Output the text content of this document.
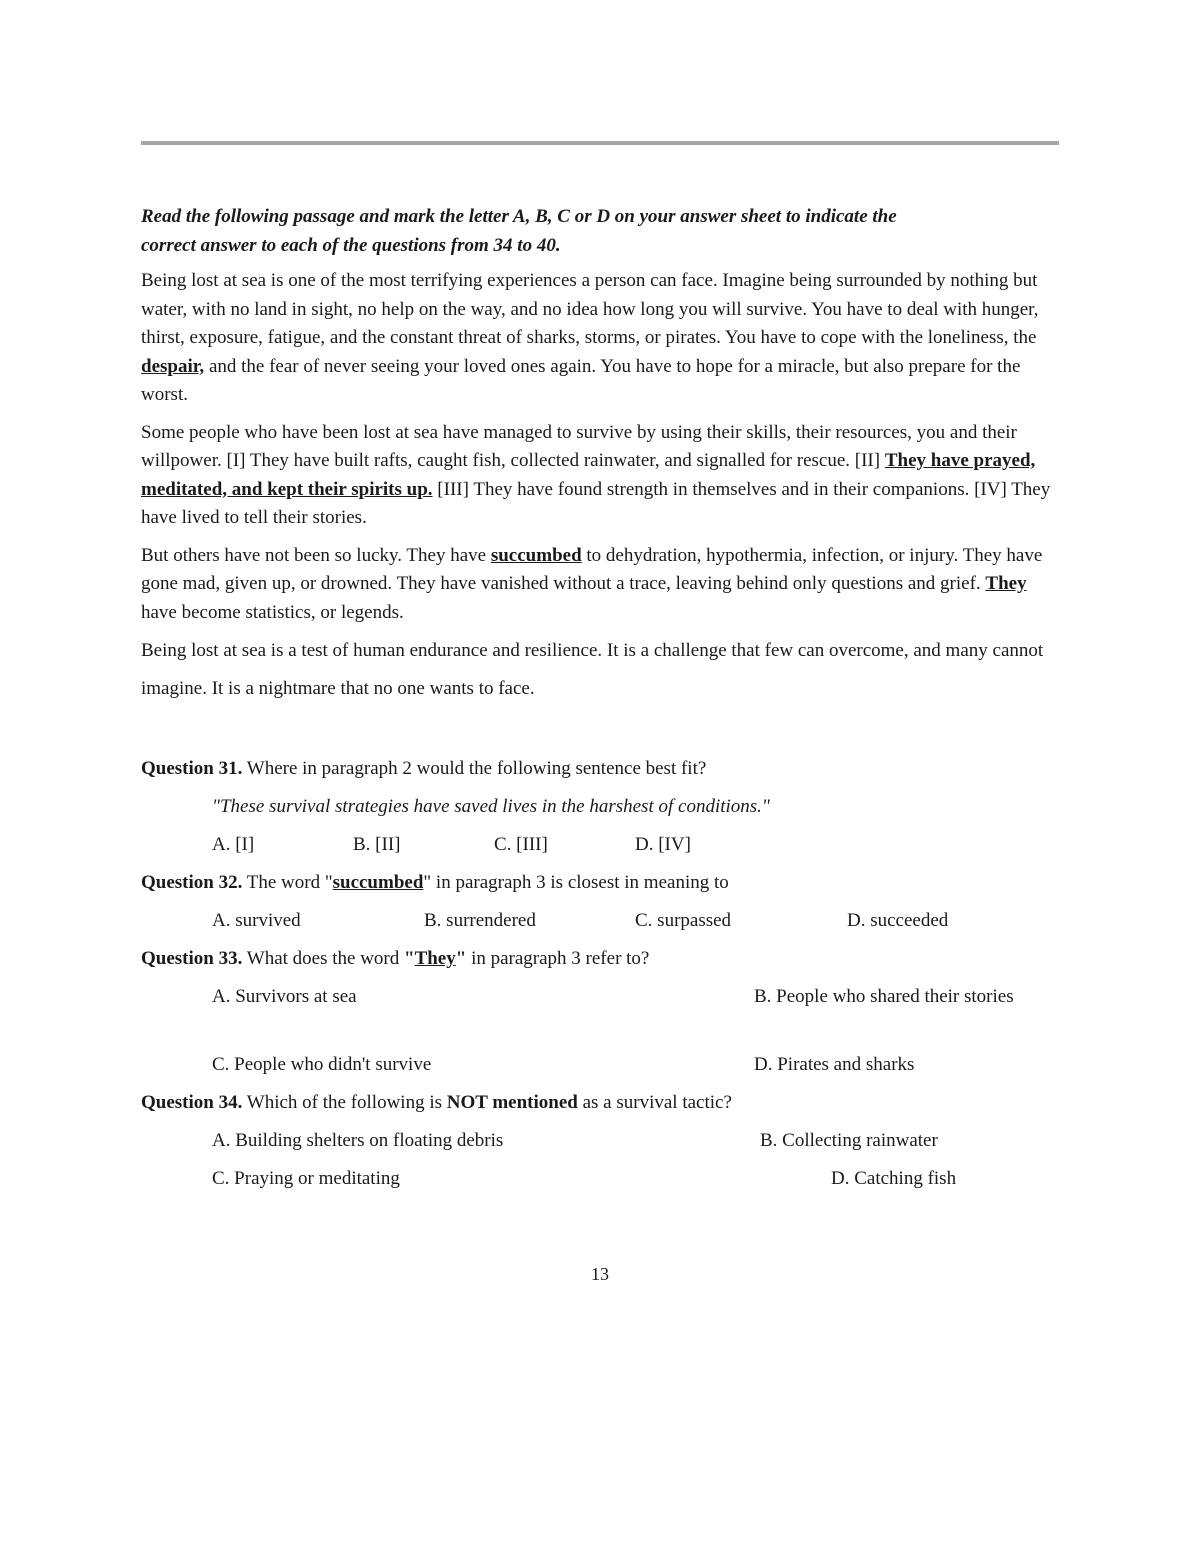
Read the following passage and mark the letter A, B, C or D on your answer sheet to indicate the
correct answer to each of the questions from 34 to 40.

Being lost at sea is one of the most terrifying experiences a person can face. Imagine being surrounded by nothing but water, with no land in sight, no help on the way, and no idea how long you will survive. You have to deal with hunger, thirst, exposure, fatigue, and the constant threat of sharks, storms, or pirates. You have to cope with the loneliness, the despair, and the fear of never seeing your loved ones again. You have to hope for a miracle, but also prepare for the worst.

Some people who have been lost at sea have managed to survive by using their skills, their resources, you and their willpower. [I] They have built rafts, caught fish, collected rainwater, and signalled for rescue. [II] They have prayed, meditated, and kept their spirits up. [III] They have found strength in themselves and in their companions. [IV] They have lived to tell their stories.

But others have not been so lucky. They have succumbed to dehydration, hypothermia, infection, or injury. They have gone mad, given up, or drowned. They have vanished without a trace, leaving behind only questions and grief. They have become statistics, or legends.

Being lost at sea is a test of human endurance and resilience. It is a challenge that few can overcome, and many cannot imagine. It is a nightmare that no one wants to face.

Question 31. Where in paragraph 2 would the following sentence best fit?
"These survival strategies have saved lives in the harshest of conditions."
A. [I]	B. [II]	C. [III]	D. [IV]
Question 32. The word "succumbed" in paragraph 3 is closest in meaning to
A. survived	B. surrendered	C. surpassed	D. succeeded
Question 33. What does the word "They" in paragraph 3 refer to?
A. Survivors at sea	B. People who shared their stories
C. People who didn't survive	D. Pirates and sharks
Question 34. Which of the following is NOT mentioned as a survival tactic?
A. Building shelters on floating debris	B. Collecting rainwater
C. Praying or meditating	D. Catching fish
13
